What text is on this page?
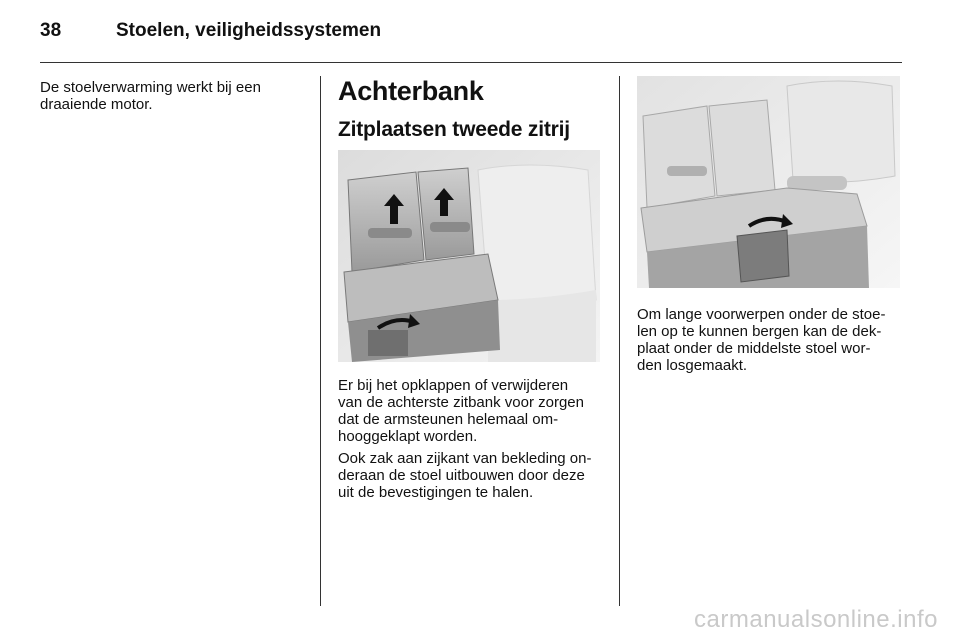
38	Stoelen, veiligheidssystemen
De stoelverwarming werkt bij een
draaiende motor.	Achterbank
Zitplaatsen tweede zitrij

Er bij het opklappen of verwijderen
van de achterste zitbank voor zorgen
dat de armsteunen helemaal om-
hooggeklapt worden.

Ook zak aan zijkant van bekleding on-
deraan de stoel uitbouwen door deze
uit de bevestigingen te halen.

Om lange voorwerpen onder de stoe-
len op te kunnen bergen kan de dek-
plaat onder de middelste stoel wor-
den losgemaakt.

carmanualsonline.info
